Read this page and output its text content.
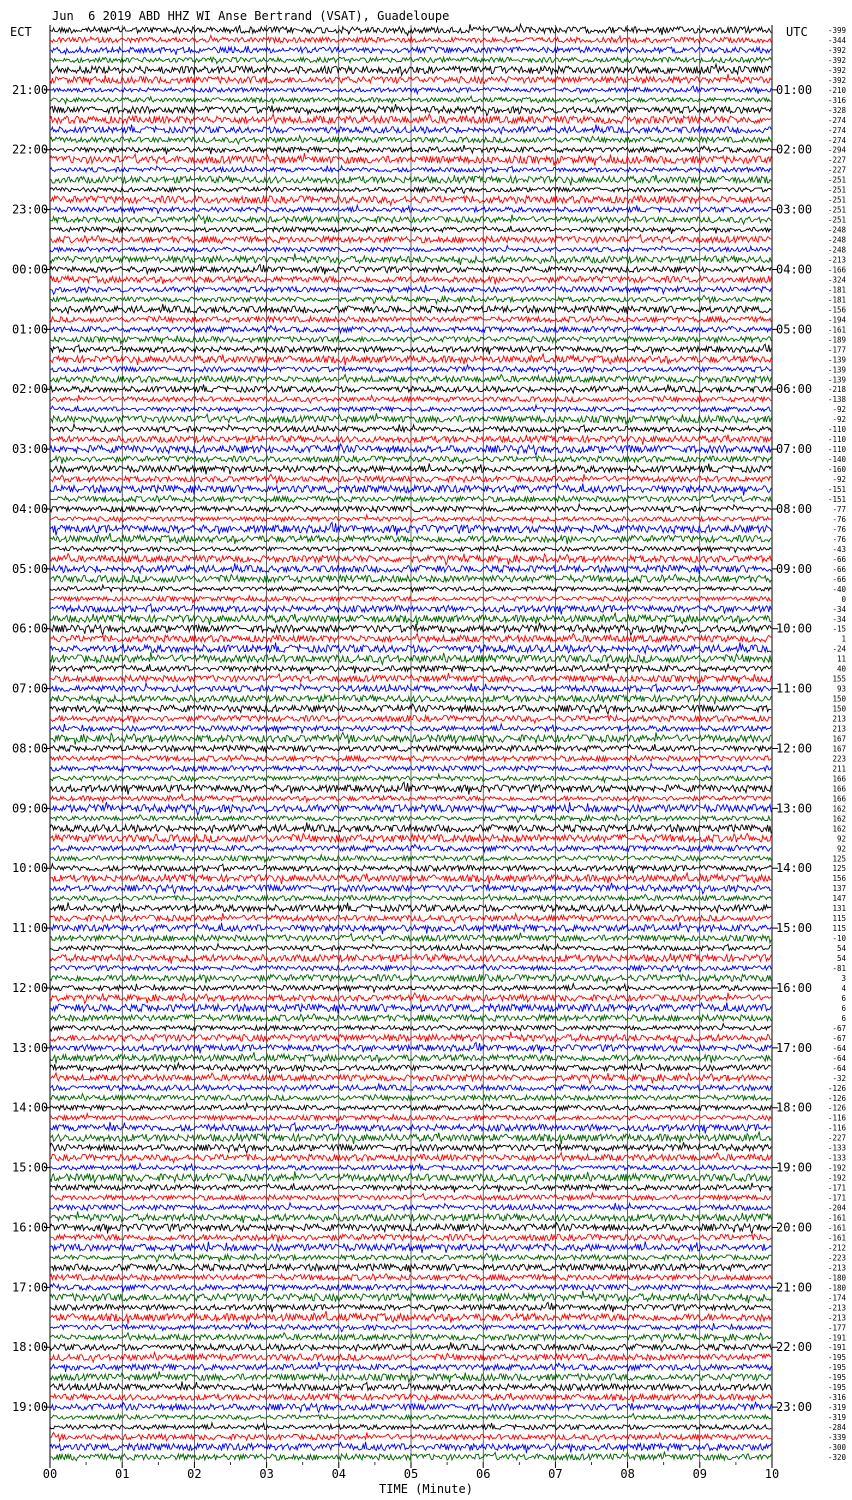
Jun  6 2019 ABD HHZ WI Anse Bertrand (VSAT), Guadeloupe
ECT	UTC	-399
-344
-392
-392
-392
-392
-210
-316
-328
-274
-274
-274
-294
-227
-227
-251
-251
-251
-251
-251
-248
-248
-248
-213
-166
-324
-181
-181
-156
-194
-161
-189
-177
-139
-139
-139
-218
-138
-92
-92
-110
-110
-110
-140
-160
-92
-151
-151
-77
-76
-76
-76
-43
-66
-66
-66
-40
0
-34
-34
-15
1
-24
11
40
155
93
150
150
213
213
167
167
223
211
166
166
166
162
162
162
92
92
125
125
156
137
147
131
115
115
-10
54
54
-81
3
4
6
6
6
-67
-67
-64
-64
-64
-32
-126
-126
-126
-116
-116
-227
-133
-133
-192
-192
-171
-171
-204
-161
-161
-161
-212
-223
-213
-180
-180
-174
-213
-213
-177
-191
-191
-195
-195
-195
-195
-316
-319
-319
-284
-339
-300
-320
21:00
22:00
23:00
00:00
01:00
02:00
03:00
04:00
05:00
06:00
07:00
08:00
09:00
10:00
11:00
12:00
13:00
14:00
15:00
16:00
17:00
18:00
19:00
01:00
02:00
03:00
04:00
05:00
06:00
07:00
08:00
09:00
10:00
11:00
12:00
13:00
14:00
15:00
16:00
17:00
18:00
19:00
20:00
21:00
22:00
23:00
00	01	02	03	04	05	06	07	08	09	10
TIME (Minute)
